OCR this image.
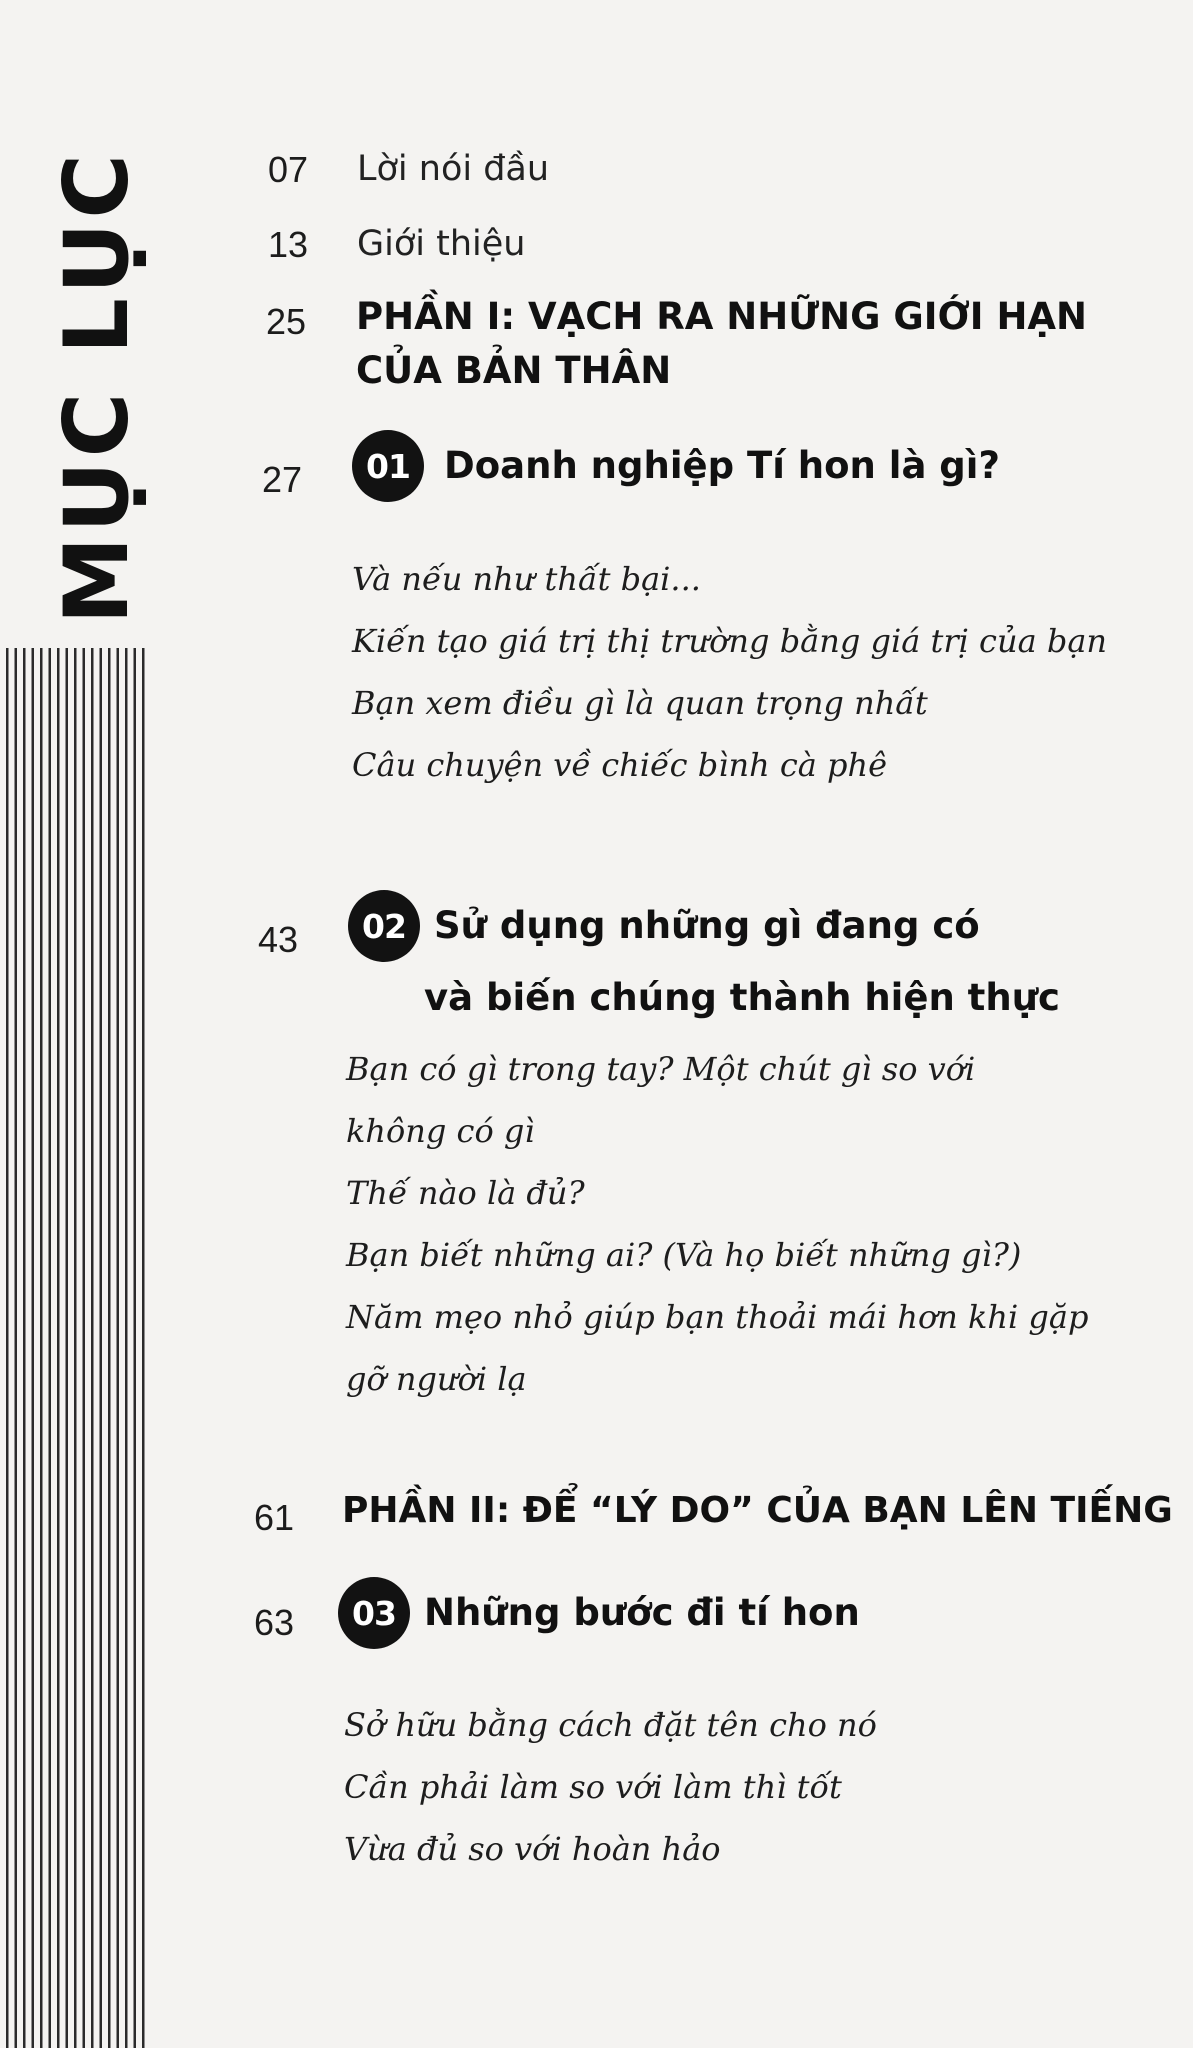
MỤC LỤC	07 Lời nói đầu
13 Giới thiệu
25 PHẦN I: VẠCH RA NHỮNG GIỚI HẠN
CỦA BẢN THÂN
27	01 Doanh nghiệp Tí hon là gì?
Và nếu như thất bại...
Kiến tạo giá trị thị trường bằng giá trị của bạn
Bạn xem điều gì là quan trọng nhất
Câu chuyện về chiếc bình cà phê
43	02 Sử dụng những gì đang có
và biến chúng thành hiện thực
Bạn có gì trong tay? Một chút gì so với
không có gì
Thế nào là đủ?
Bạn biết những ai? (Và họ biết những gì?)
Năm mẹo nhỏ giúp bạn thoải mái hơn khi gặp
gỡ người lạ
61 PHẦN II: ĐỂ “LÝ DO” CỦA BẠN LÊN TIẾNG
63	03 Những bước đi tí hon
Sở hữu bằng cách đặt tên cho nó
Cần phải làm so với làm thì tốt
Vừa đủ so với hoàn hảo
